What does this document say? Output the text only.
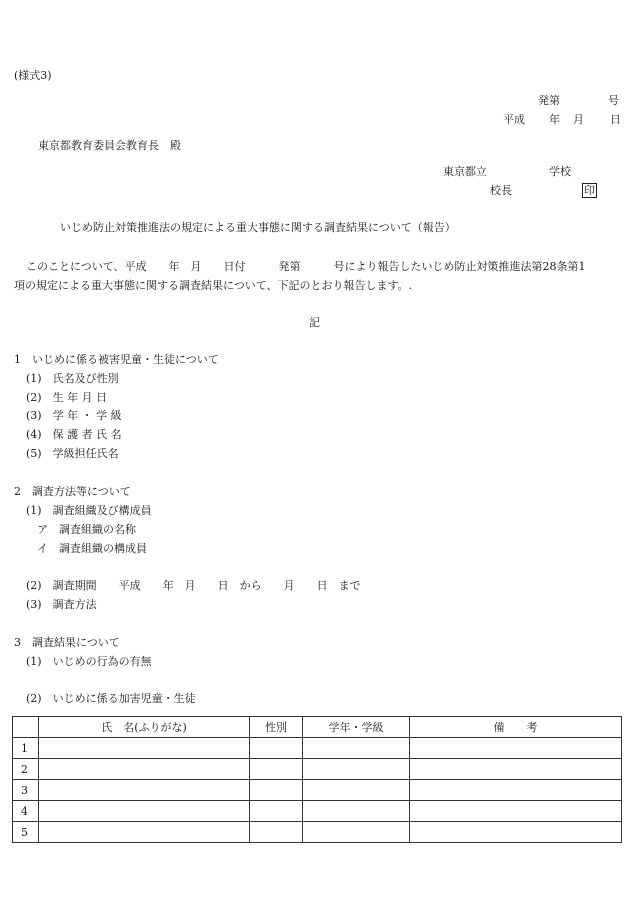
(様式3)
発第	号
平成 年 月 日
東京都教育委員会教育長　殿
東京都立	学校
校長	印
いじめ防止対策推進法の規定による重大事態に関する調査結果について（報告）
このことについて、平成　　年　月　　日付　　　発第　　　号により報告したいじめ防止対策推進法第28条第1
項の規定による重大事態に関する調査結果について、下記のとおり報告します。.
記
1　いじめに係る被害児童・生徒について
(1)　氏名及び性別
(2)　生 年 月 日
(3)　学 年 ・ 学 級
(4)　保 護 者 氏 名
(5)　学級担任氏名
2　調査方法等について
(1)　調査組織及び構成員
ア　調査組織の名称
イ　調査組織の構成員
(2)　調査期間　　平成　　年　月　　日　から　　月　　日　まで
(3)　調査方法
3　調査結果について
(1)　いじめの行為の有無
(2)　いじめに係る加害児童・生徒
	氏　名(ふりがな)	性別	学年・学級	備　　考
1				
2				
3				
4				
5				
